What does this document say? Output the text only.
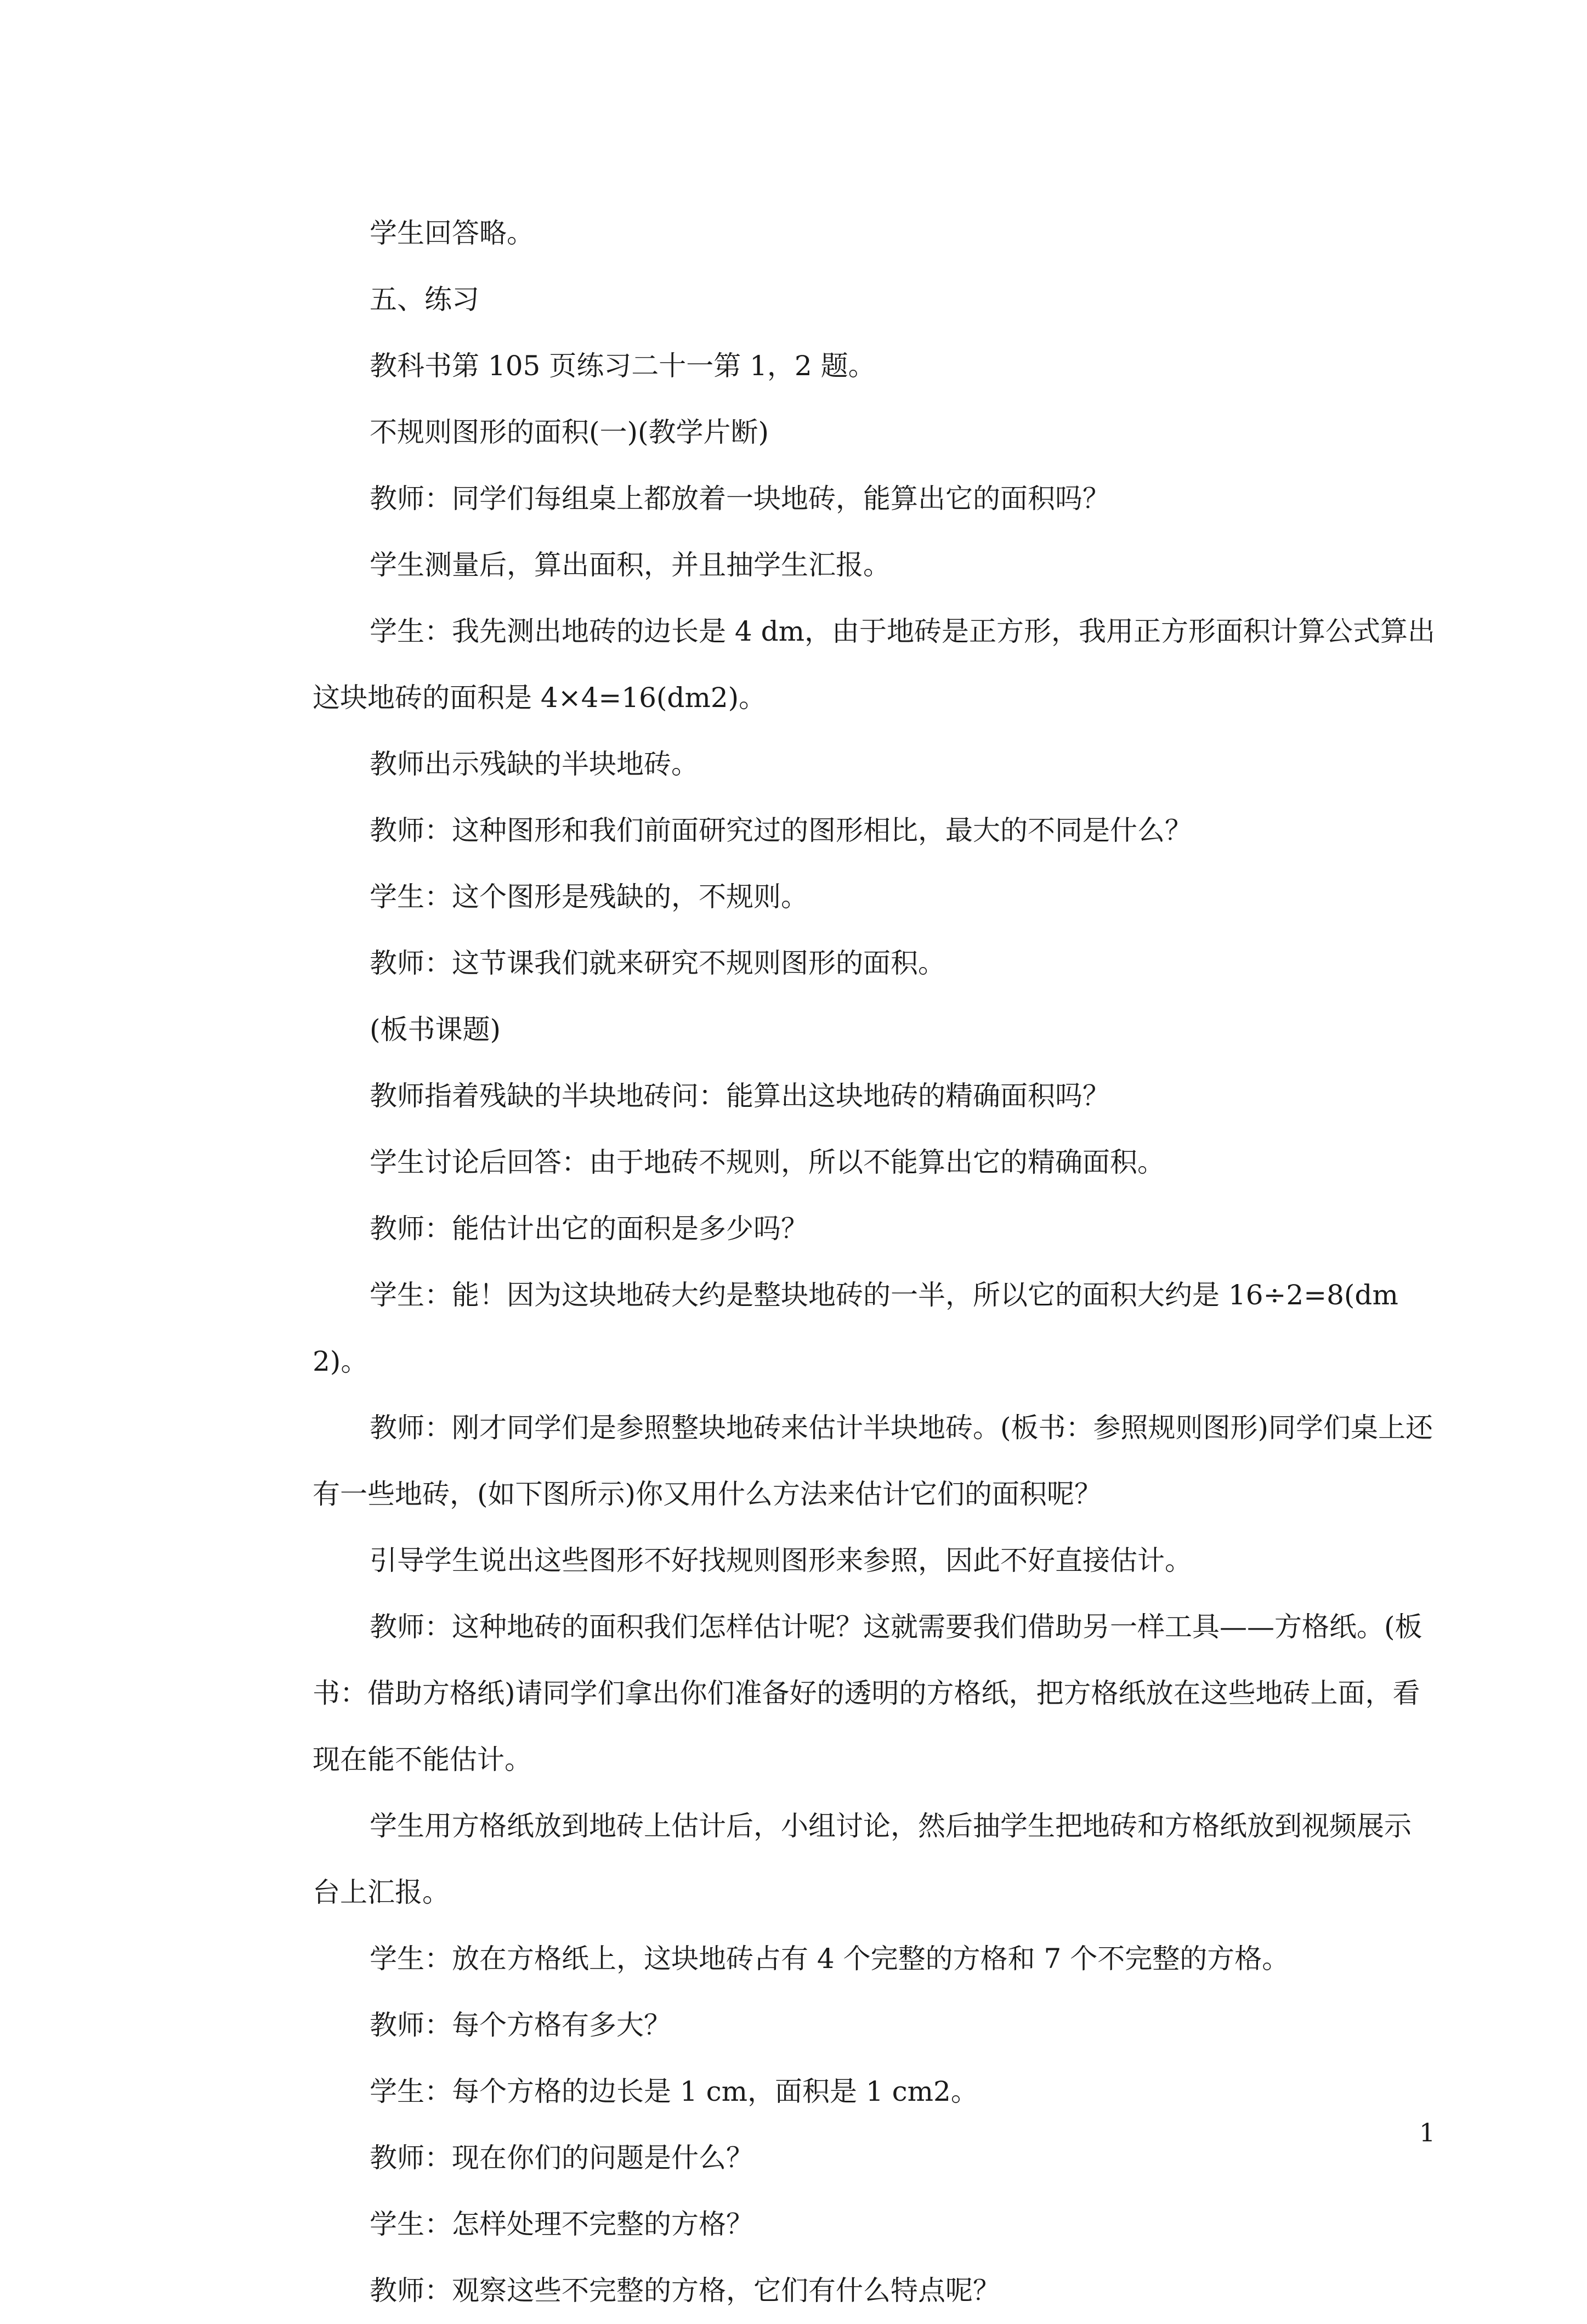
学生回答略。

五、练习

教科书第 105 页练习二十一第 1，2 题。

不规则图形的面积(一)(教学片断)

教师：同学们每组桌上都放着一块地砖，能算出它的面积吗？

学生测量后，算出面积，并且抽学生汇报。

学生：我先测出地砖的边长是 4 dm，由于地砖是正方形，我用正方形面积计算公式算出这块地砖的面积是 4×4=16(dm2)。

教师出示残缺的半块地砖。

教师：这种图形和我们前面研究过的图形相比，最大的不同是什么？

学生：这个图形是残缺的，不规则。

教师：这节课我们就来研究不规则图形的面积。

(板书课题)

教师指着残缺的半块地砖问：能算出这块地砖的精确面积吗？

学生讨论后回答：由于地砖不规则，所以不能算出它的精确面积。

教师：能估计出它的面积是多少吗？

学生：能！因为这块地砖大约是整块地砖的一半，所以它的面积大约是 16÷2=8(dm2)。

教师：刚才同学们是参照整块地砖来估计半块地砖。(板书：参照规则图形)同学们桌上还有一些地砖，(如下图所示)你又用什么方法来估计它们的面积呢？

引导学生说出这些图形不好找规则图形来参照，因此不好直接估计。

教师：这种地砖的面积我们怎样估计呢？这就需要我们借助另一样工具——方格纸。(板书：借助方格纸)请同学们拿出你们准备好的透明的方格纸，把方格纸放在这些地砖上面，看现在能不能估计。

学生用方格纸放到地砖上估计后，小组讨论，然后抽学生把地砖和方格纸放到视频展示台上汇报。

学生：放在方格纸上，这块地砖占有 4 个完整的方格和 7 个不完整的方格。

教师：每个方格有多大？

学生：每个方格的边长是 1 cm，面积是 1 cm2。

教师：现在你们的问题是什么？

学生：怎样处理不完整的方格？

教师：观察这些不完整的方格，它们有什么特点呢？

1
